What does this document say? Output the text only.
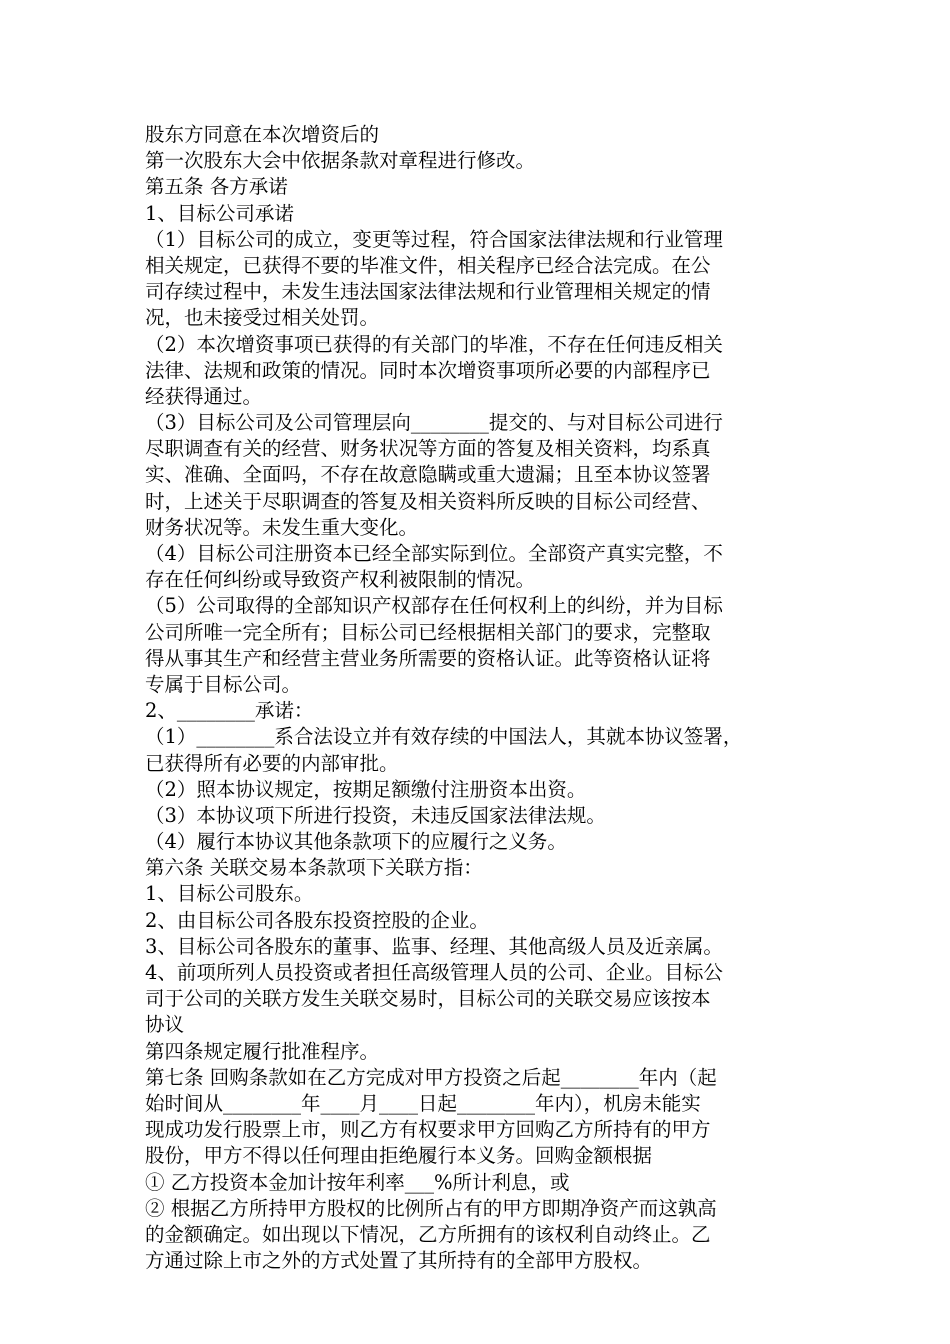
股东方同意在本次增资后的

第一次股东大会中依据条款对章程进行修改。

第五条 各方承诺

1、目标公司承诺

（1）目标公司的成立，变更等过程，符合国家法律法规和行业管理

相关规定，已获得不要的毕准文件，相关程序已经合法完成。在公

司存续过程中，未发生违法国家法律法规和行业管理相关规定的情

况，也未接受过相关处罚。

（2）本次增资事项已获得的有关部门的毕准，不存在任何违反相关

法律、法规和政策的情况。同时本次增资事项所必要的内部程序已

经获得通过。

（3）目标公司及公司管理层向________提交的、与对目标公司进行

尽职调查有关的经营、财务状况等方面的答复及相关资料，均系真

实、准确、全面吗，不存在故意隐瞒或重大遗漏；且至本协议签署

时，上述关于尽职调查的答复及相关资料所反映的目标公司经营、

财务状况等。未发生重大变化。

（4）目标公司注册资本已经全部实际到位。全部资产真实完整，不

存在任何纠纷或导致资产权利被限制的情况。

（5）公司取得的全部知识产权部存在任何权利上的纠纷，并为目标

公司所唯一完全所有；目标公司已经根据相关部门的要求，完整取

得从事其生产和经营主营业务所需要的资格认证。此等资格认证将

专属于目标公司。

2、________承诺：

（1）________系合法设立并有效存续的中国法人，其就本协议签署，

已获得所有必要的内部审批。

（2）照本协议规定，按期足额缴付注册资本出资。

（3）本协议项下所进行投资，未违反国家法律法规。

（4）履行本协议其他条款项下的应履行之义务。

第六条 关联交易本条款项下关联方指：

1、目标公司股东。

2、由目标公司各股东投资控股的企业。

3、目标公司各股东的董事、监事、经理、其他高级人员及近亲属。

4、前项所列人员投资或者担任高级管理人员的公司、企业。目标公

司于公司的关联方发生关联交易时，目标公司的关联交易应该按本

协议

第四条规定履行批准程序。

第七条 回购条款如在乙方完成对甲方投资之后起________年内（起

始时间从________年____月____日起________年内），机房未能实

现成功发行股票上市，则乙方有权要求甲方回购乙方所持有的甲方

股份，甲方不得以任何理由拒绝履行本义务。回购金额根据

① 乙方投资本金加计按年利率___%所计利息，或

② 根据乙方所持甲方股权的比例所占有的甲方即期净资产而这孰高

的金额确定。如出现以下情况，乙方所拥有的该权利自动终止。乙

方通过除上市之外的方式处置了其所持有的全部甲方股权。
